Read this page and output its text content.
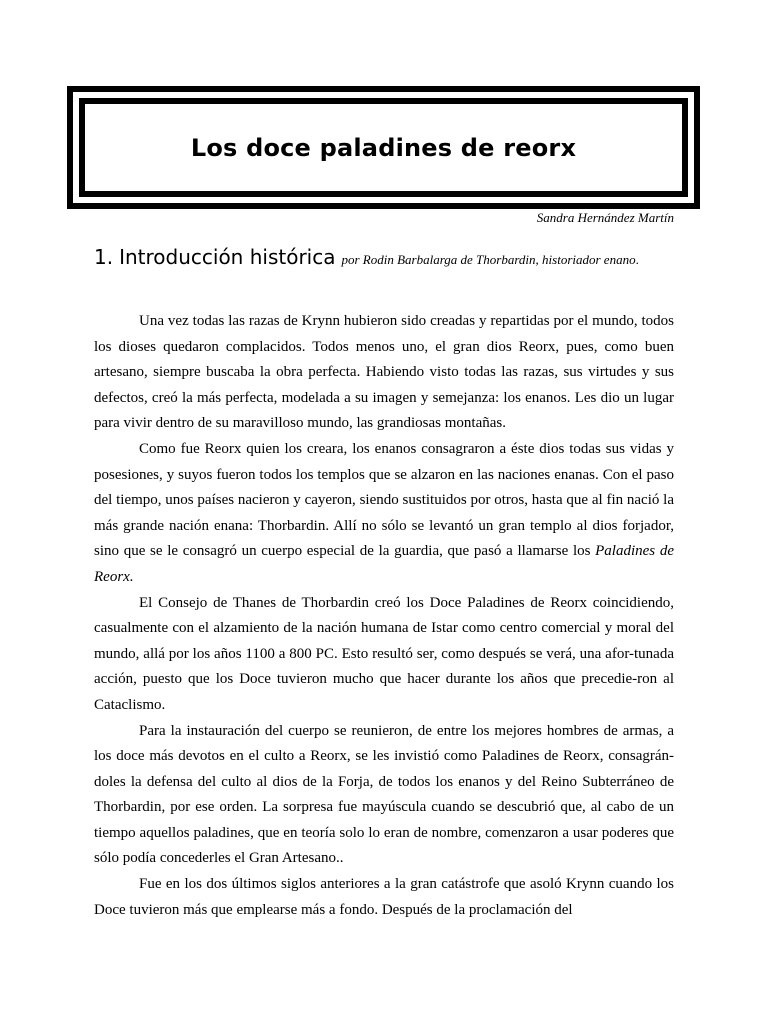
Los doce paladines de reorx
Sandra Hernández Martín
1. Introducción histórica por Rodin Barbalarga de Thorbardin, historiador enano.

Una vez todas las razas de Krynn hubieron sido creadas y repartidas por el mundo, todos los dioses quedaron complacidos. Todos menos uno, el gran dios Reorx, pues, como buen artesano, siempre buscaba la obra perfecta. Habiendo visto todas las razas, sus virtudes y sus defectos, creó la más perfecta, modelada a su imagen y semejanza: los enanos. Les dio un lugar para vivir dentro de su maravilloso mundo, las grandiosas montañas.

Como fue Reorx quien los creara, los enanos consagraron a éste dios todas sus vidas y posesiones, y suyos fueron todos los templos que se alzaron en las naciones enanas. Con el paso del tiempo, unos países nacieron y cayeron, siendo sustituidos por otros, hasta que al fin nació la más grande nación enana: Thorbardin. Allí no sólo se levantó un gran templo al dios forjador, sino que se le consagró un cuerpo especial de la guardia, que pasó a llamarse los Paladines de Reorx.

El Consejo de Thanes de Thorbardin creó los Doce Paladines de Reorx coincidiendo, casualmente con el alzamiento de la nación humana de Istar como centro comercial y moral del mundo, allá por los años 1100 a 800 PC. Esto resultó ser, como después se verá, una afor-tunada acción, puesto que los Doce tuvieron mucho que hacer durante los años que precedie-ron al Cataclismo.

Para la instauración del cuerpo se reunieron, de entre los mejores hombres de armas, a los doce más devotos en el culto a Reorx, se les invistió como Paladines de Reorx, consagrán-doles la defensa del culto al dios de la Forja, de todos los enanos y del Reino Subterráneo de Thorbardin, por ese orden. La sorpresa fue mayúscula cuando se descubrió que, al cabo de un tiempo aquellos paladines, que en teoría solo lo eran de nombre, comenzaron a usar poderes que sólo podía concederles el Gran Artesano..

Fue en los dos últimos siglos anteriores a la gran catástrofe que asoló Krynn cuando los Doce tuvieron más que emplearse más a fondo. Después de la proclamación del
